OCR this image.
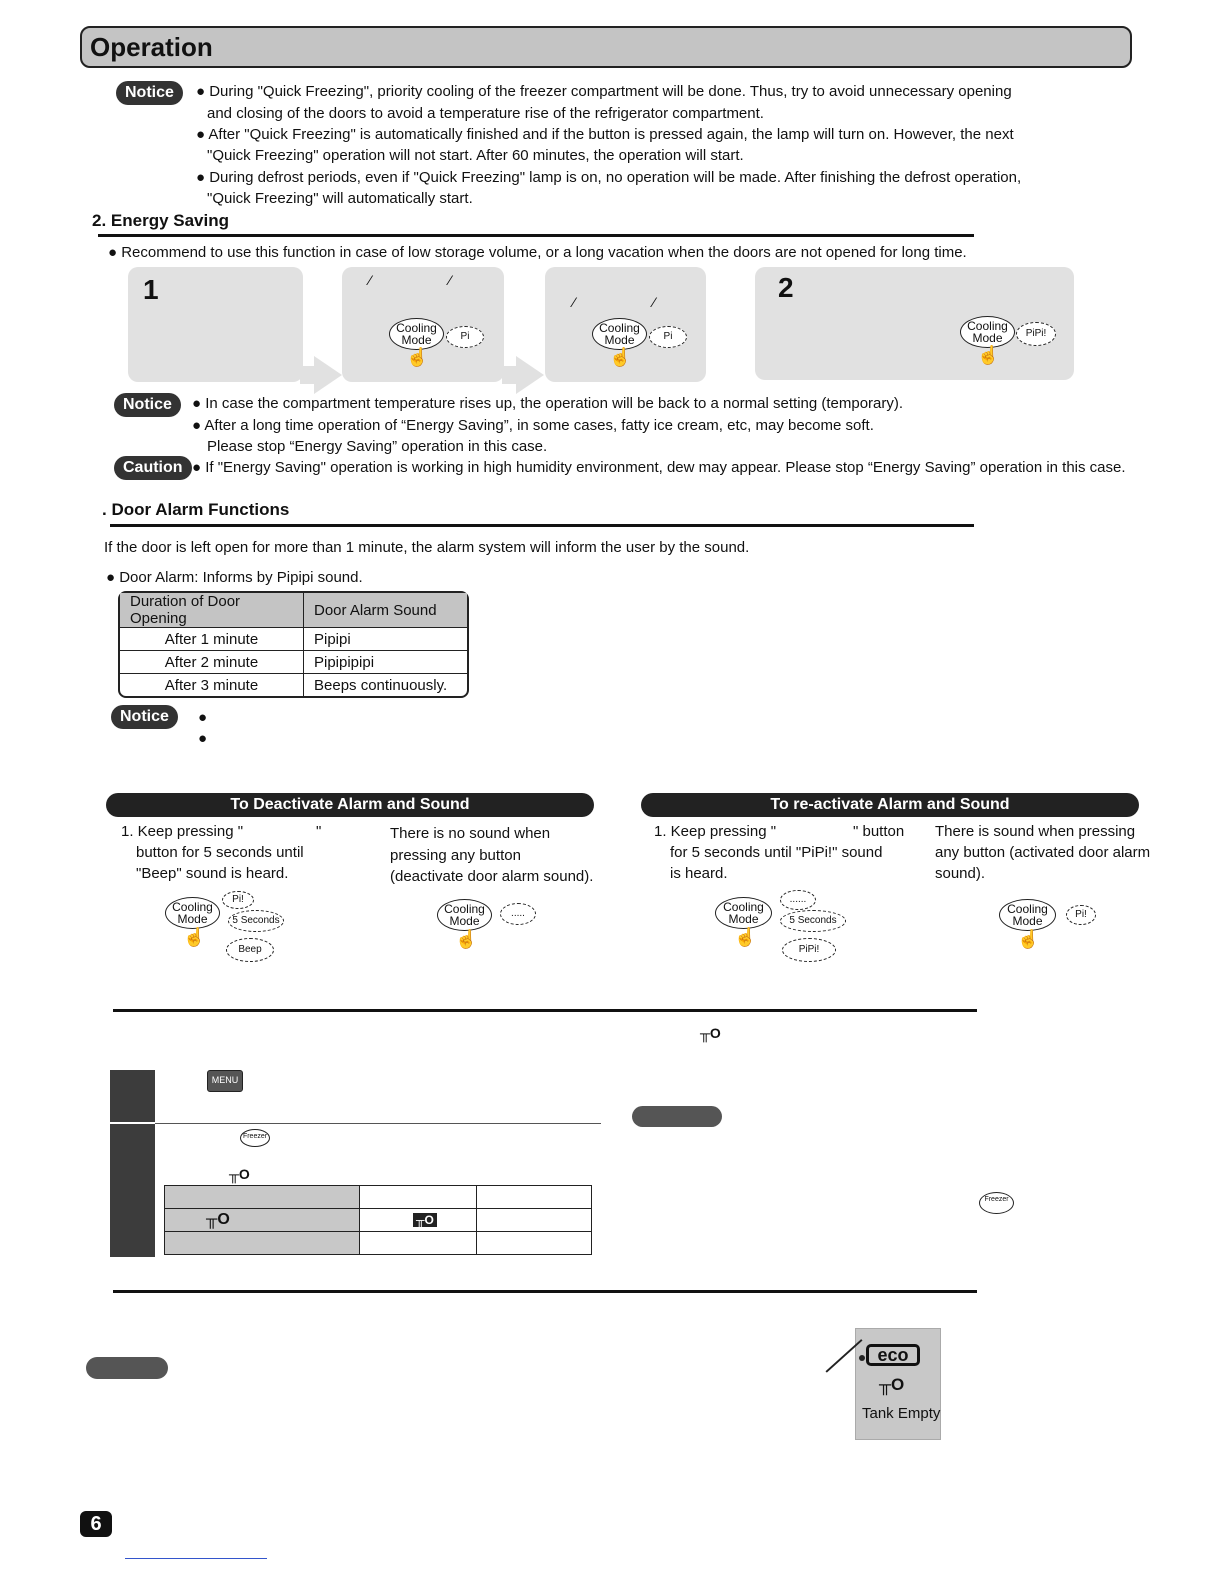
Operation
Notice	● During "Quick Freezing", priority cooling of the freezer compartment will be done. Thus, try to avoid unnecessary opening
and closing of the doors to avoid a temperature rise of the refrigerator compartment.
● After "Quick Freezing" is automatically finished and if the button is pressed again, the lamp will turn on. However, the next
"Quick Freezing" operation will not start. After 60 minutes, the operation will start.
● During defrost periods, even if "Quick Freezing" lamp is on, no operation will be made. After finishing the defrost operation,
"Quick Freezing" will automatically start.
2. Energy Saving
● Recommend to use this function in case of low storage volume, or a long vacation when the doors are not opened for long time.
1	⁄	⁄
Cooling Mode	Pi
☝
⁄	⁄
Cooling Mode	Pi
☝
2
Cooling Mode	PiPi!
☝
Notice	● In case the compartment temperature rises up, the operation will be back to a normal setting (temporary).
● After a long time operation of “Energy Saving”, in some cases, fatty ice cream, etc, may become soft.
Please stop “Energy Saving” operation in this case.
Caution ● If "Energy Saving" operation is working in high humidity environment, dew may appear. Please stop “Energy Saving” operation in this case.
. Door Alarm Functions
If the door is left open for more than 1 minute, the alarm system will inform the user by the sound.
● Door Alarm: Informs by Pipipi sound.
Duration of Door Opening	Door Alarm Sound
After 1 minute	Pipipi
After 2 minute	Pipipipipi
After 3 minute	Beeps continuously.
Notice	●
●
To Deactivate Alarm and Sound
1. Keep pressing "	"
button for 5 seconds until
"Beep" sound is heard.
There is no sound when
pressing any button
(deactivate door alarm sound).
Cooling Mode
Pi!
5 Seconds
Beep
☝
Cooling Mode
.....
☝
To re-activate Alarm and Sound
1. Keep pressing "	" button
for 5 seconds until "PiPi!" sound
is heard.
There is sound when pressing
any button (activated door alarm
sound).
Cooling Mode
......
5 Seconds
PiPi!
☝
Cooling Mode	Pi!
☝
╥O
MENU
Freezer
╥O

╥O	╥O	

Freezer
eco
╥O
Tank Empty
6
